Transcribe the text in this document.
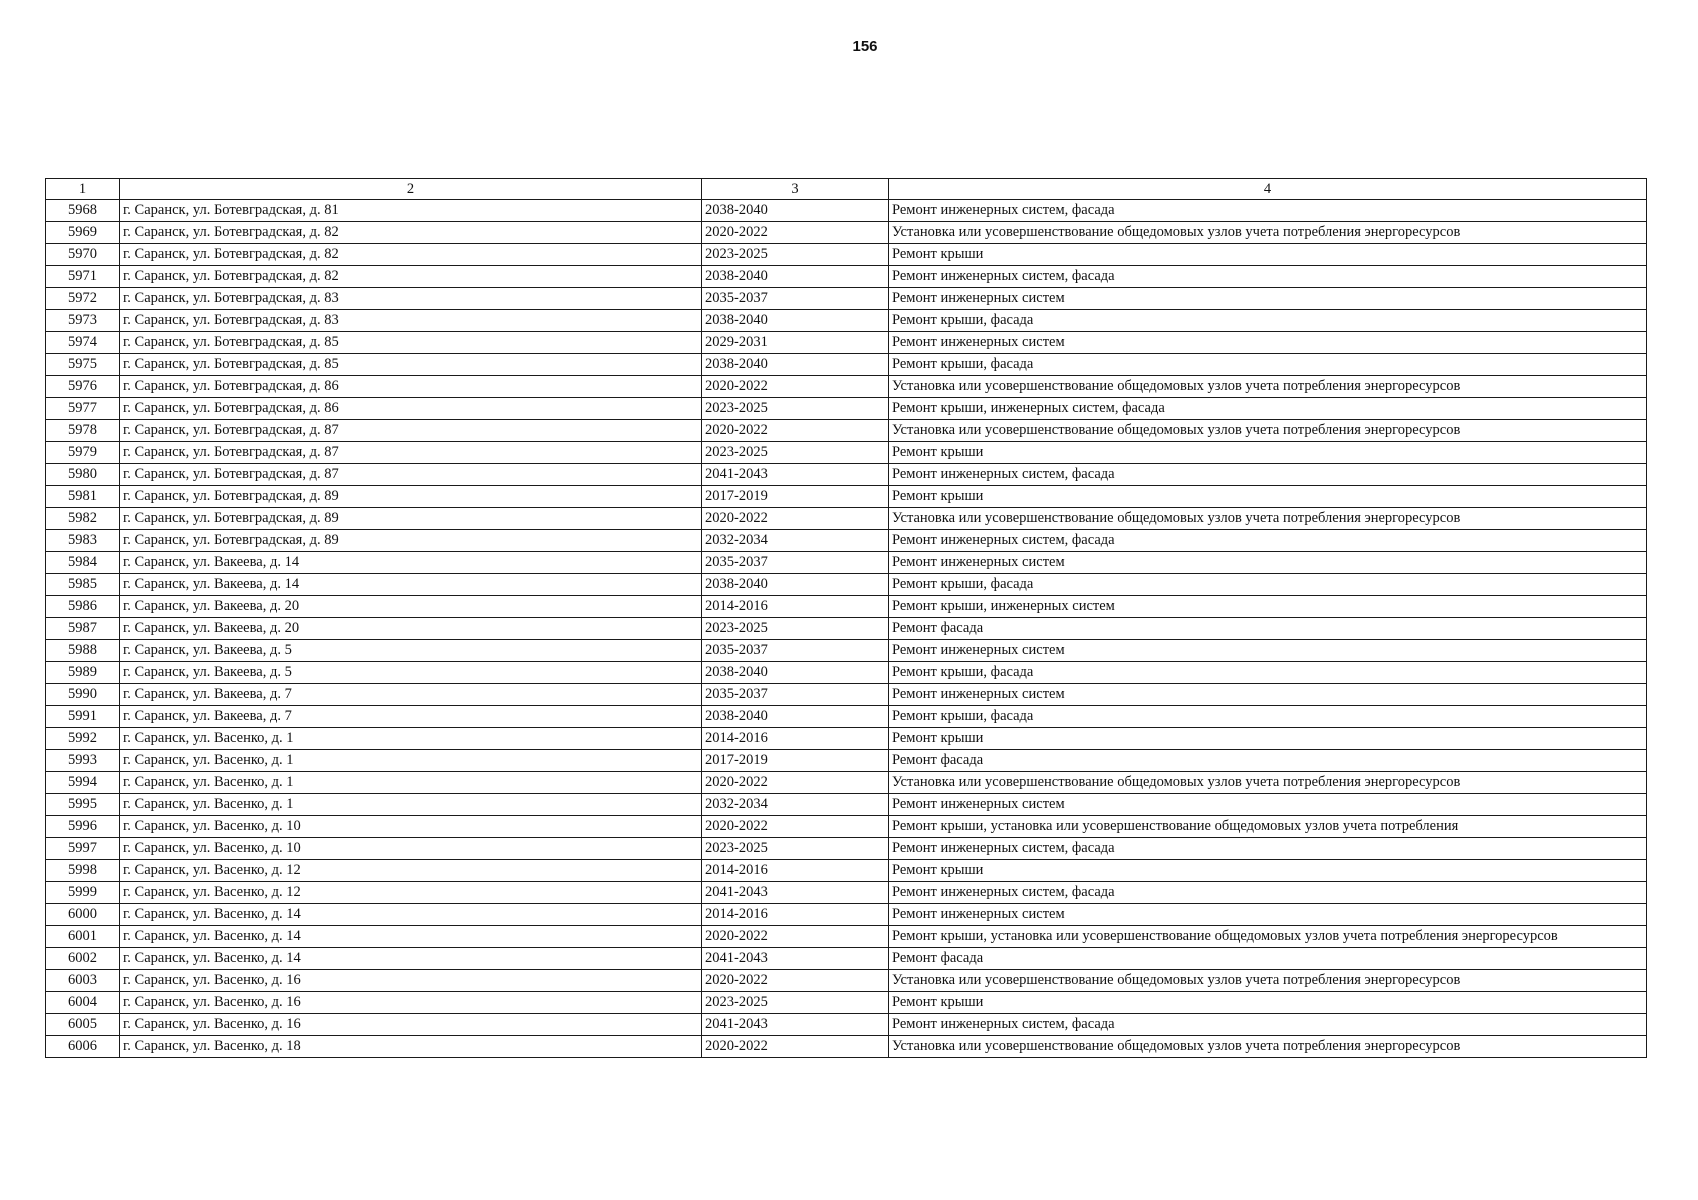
156
1	2	3	4
5968	г. Саранск, ул. Ботевградская, д. 81	2038-2040	Ремонт инженерных систем, фасада
5969	г. Саранск, ул. Ботевградская, д. 82	2020-2022	Установка или усовершенствование общедомовых узлов учета потребления энергоресурсов
5970	г. Саранск, ул. Ботевградская, д. 82	2023-2025	Ремонт крыши
5971	г. Саранск, ул. Ботевградская, д. 82	2038-2040	Ремонт инженерных систем, фасада
5972	г. Саранск, ул. Ботевградская, д. 83	2035-2037	Ремонт инженерных систем
5973	г. Саранск, ул. Ботевградская, д. 83	2038-2040	Ремонт крыши, фасада
5974	г. Саранск, ул. Ботевградская, д. 85	2029-2031	Ремонт инженерных систем
5975	г. Саранск, ул. Ботевградская, д. 85	2038-2040	Ремонт крыши, фасада
5976	г. Саранск, ул. Ботевградская, д. 86	2020-2022	Установка или усовершенствование общедомовых узлов учета потребления энергоресурсов
5977	г. Саранск, ул. Ботевградская, д. 86	2023-2025	Ремонт крыши, инженерных систем, фасада
5978	г. Саранск, ул. Ботевградская, д. 87	2020-2022	Установка или усовершенствование общедомовых узлов учета потребления энергоресурсов
5979	г. Саранск, ул. Ботевградская, д. 87	2023-2025	Ремонт крыши
5980	г. Саранск, ул. Ботевградская, д. 87	2041-2043	Ремонт инженерных систем, фасада
5981	г. Саранск, ул. Ботевградская, д. 89	2017-2019	Ремонт крыши
5982	г. Саранск, ул. Ботевградская, д. 89	2020-2022	Установка или усовершенствование общедомовых узлов учета потребления энергоресурсов
5983	г. Саранск, ул. Ботевградская, д. 89	2032-2034	Ремонт инженерных систем, фасада
5984	г. Саранск, ул. Вакеева, д. 14	2035-2037	Ремонт инженерных систем
5985	г. Саранск, ул. Вакеева, д. 14	2038-2040	Ремонт крыши, фасада
5986	г. Саранск, ул. Вакеева, д. 20	2014-2016	Ремонт крыши, инженерных систем
5987	г. Саранск, ул. Вакеева, д. 20	2023-2025	Ремонт фасада
5988	г. Саранск, ул. Вакеева, д. 5	2035-2037	Ремонт инженерных систем
5989	г. Саранск, ул. Вакеева, д. 5	2038-2040	Ремонт крыши, фасада
5990	г. Саранск, ул. Вакеева, д. 7	2035-2037	Ремонт инженерных систем
5991	г. Саранск, ул. Вакеева, д. 7	2038-2040	Ремонт крыши, фасада
5992	г. Саранск, ул. Васенко, д. 1	2014-2016	Ремонт крыши
5993	г. Саранск, ул. Васенко, д. 1	2017-2019	Ремонт фасада
5994	г. Саранск, ул. Васенко, д. 1	2020-2022	Установка или усовершенствование общедомовых узлов учета потребления энергоресурсов
5995	г. Саранск, ул. Васенко, д. 1	2032-2034	Ремонт инженерных систем
5996	г. Саранск, ул. Васенко, д. 10	2020-2022	Ремонт крыши, установка или усовершенствование общедомовых узлов учета потребления
5997	г. Саранск, ул. Васенко, д. 10	2023-2025	Ремонт инженерных систем, фасада
5998	г. Саранск, ул. Васенко, д. 12	2014-2016	Ремонт крыши
5999	г. Саранск, ул. Васенко, д. 12	2041-2043	Ремонт инженерных систем, фасада
6000	г. Саранск, ул. Васенко, д. 14	2014-2016	Ремонт инженерных систем
6001	г. Саранск, ул. Васенко, д. 14	2020-2022	Ремонт крыши, установка или усовершенствование общедомовых узлов учета потребления энергоресурсов
6002	г. Саранск, ул. Васенко, д. 14	2041-2043	Ремонт фасада
6003	г. Саранск, ул. Васенко, д. 16	2020-2022	Установка или усовершенствование общедомовых узлов учета потребления энергоресурсов
6004	г. Саранск, ул. Васенко, д. 16	2023-2025	Ремонт крыши
6005	г. Саранск, ул. Васенко, д. 16	2041-2043	Ремонт инженерных систем, фасада
6006	г. Саранск, ул. Васенко, д. 18	2020-2022	Установка или усовершенствование общедомовых узлов учета потребления энергоресурсов
